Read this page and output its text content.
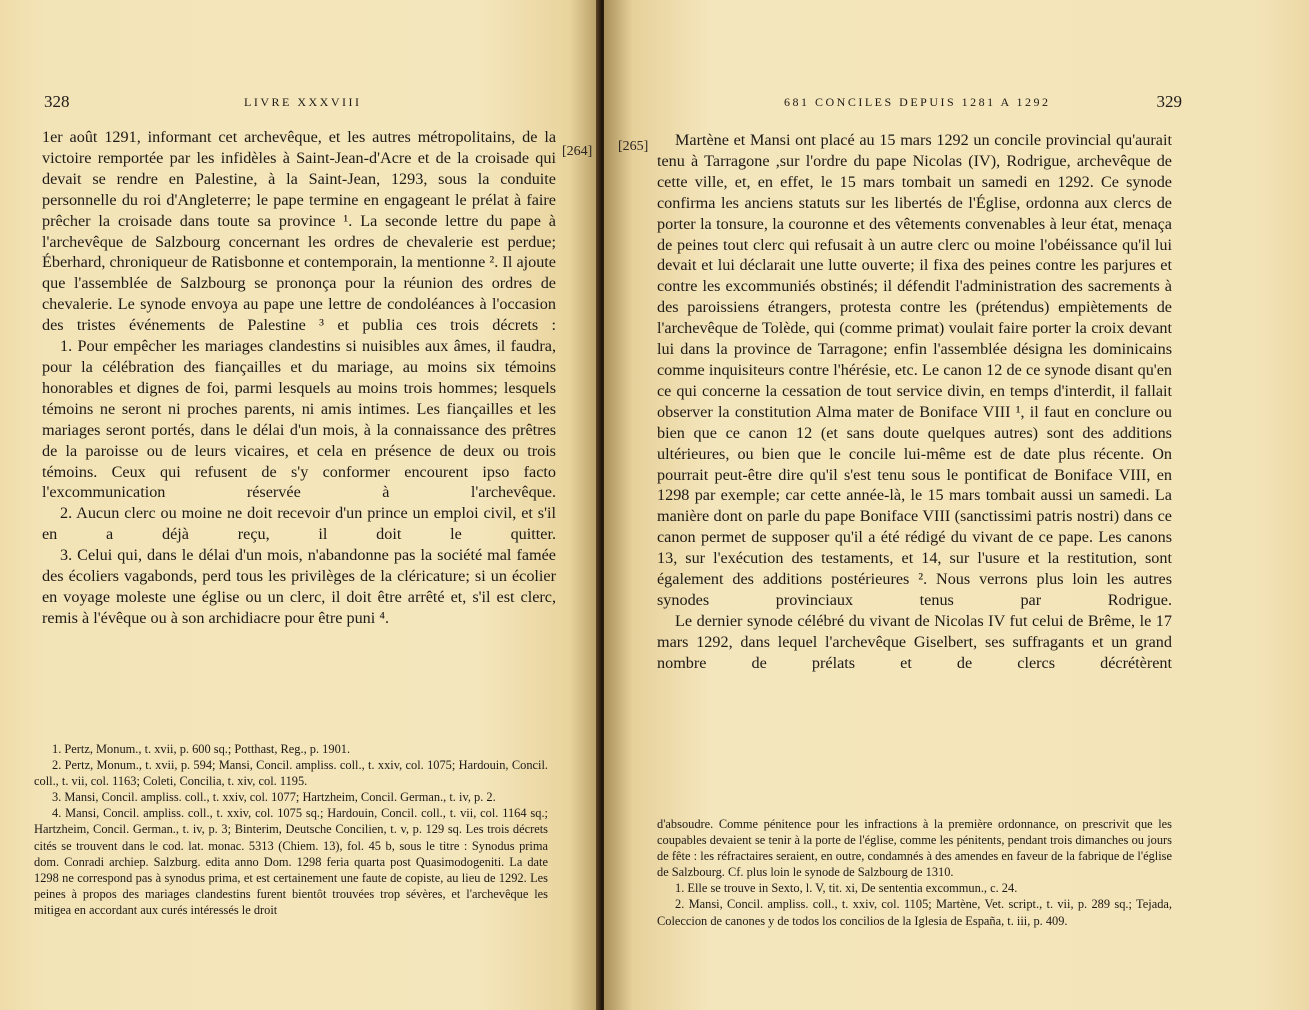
328	LIVRE XXXVIII
[264]

1er août 1291, informant cet archevêque, et les autres métropolitains, de la victoire remportée par les infidèles à Saint-Jean-d'Acre et de la croisade qui devait se rendre en Palestine, à la Saint-Jean, 1293, sous la conduite personnelle du roi d'Angleterre; le pape termine en engageant le prélat à faire prêcher la croisade dans toute sa province ¹. La seconde lettre du pape à l'archevêque de Salzbourg concernant les ordres de chevalerie est perdue; Éberhard, chroniqueur de Ratisbonne et contemporain, la mentionne ². Il ajoute que l'assemblée de Salzbourg se prononça pour la réunion des ordres de chevalerie. Le synode envoya au pape une lettre de condoléances à l'occasion des tristes événements de Palestine ³ et publia ces trois décrets :

1. Pour empêcher les mariages clandestins si nuisibles aux âmes, il faudra, pour la célébration des fiançailles et du mariage, au moins six témoins honorables et dignes de foi, parmi lesquels au moins trois hommes; lesquels témoins ne seront ni proches parents, ni amis intimes. Les fiançailles et les mariages seront portés, dans le délai d'un mois, à la connaissance des prêtres de la paroisse ou de leurs vicaires, et cela en présence de deux ou trois témoins. Ceux qui refusent de s'y conformer encourent ipso facto l'excommunication réservée à l'archevêque.

2. Aucun clerc ou moine ne doit recevoir d'un prince un emploi civil, et s'il en a déjà reçu, il doit le quitter.

3. Celui qui, dans le délai d'un mois, n'abandonne pas la société mal famée des écoliers vagabonds, perd tous les privilèges de la cléricature; si un écolier en voyage moleste une église ou un clerc, il doit être arrêté et, s'il est clerc, remis à l'évêque ou à son archidiacre pour être puni ⁴.

1. Pertz, Monum., t. xvii, p. 600 sq.; Potthast, Reg., p. 1901.

2. Pertz, Monum., t. xvii, p. 594; Mansi, Concil. ampliss. coll., t. xxiv, col. 1075; Hardouin, Concil. coll., t. vii, col. 1163; Coleti, Concilia, t. xiv, col. 1195.

3. Mansi, Concil. ampliss. coll., t. xxiv, col. 1077; Hartzheim, Concil. German., t. iv, p. 2.

4. Mansi, Concil. ampliss. coll., t. xxiv, col. 1075 sq.; Hardouin, Concil. coll., t. vii, col. 1164 sq.; Hartzheim, Concil. German., t. iv, p. 3; Binterim, Deutsche Concilien, t. v, p. 129 sq. Les trois décrets cités se trouvent dans le cod. lat. monac. 5313 (Chiem. 13), fol. 45 b, sous le titre : Synodus prima dom. Conradi archiep. Salzburg. edita anno Dom. 1298 feria quarta post Quasimodogeniti. La date 1298 ne correspond pas à synodus prima, et est certainement une faute de copiste, au lieu de 1292. Les peines à propos des mariages clandestins furent bientôt trouvées trop sévères, et l'archevêque les mitigea en accordant aux curés intéressés le droit

681 CONCILES DEPUIS 1281 A 1292	329
[265]	Martène et Mansi ont placé au 15 mars 1292 un concile provincial qu'aurait tenu à Tarragone ,sur l'ordre du pape Nicolas (IV), Rodrigue, archevêque de cette ville, et, en effet, le 15 mars tombait un samedi en 1292. Ce synode confirma les anciens statuts sur les libertés de l'Église, ordonna aux clercs de porter la tonsure, la couronne et des vêtements convenables à leur état, menaça de peines tout clerc qui refusait à un autre clerc ou moine l'obéissance qu'il lui devait et lui déclarait une lutte ouverte; il fixa des peines contre les parjures et contre les excommuniés obstinés; il défendit l'administration des sacrements à des paroissiens étrangers, protesta contre les (prétendus) empiètements de l'archevêque de Tolède, qui (comme primat) voulait faire porter la croix devant lui dans la province de Tarragone; enfin l'assemblée désigna les dominicains comme inquisiteurs contre l'hérésie, etc. Le canon 12 de ce synode disant qu'en ce qui concerne la cessation de tout service divin, en temps d'interdit, il fallait observer la constitution Alma mater de Boniface VIII ¹, il faut en conclure ou bien que ce canon 12 (et sans doute quelques autres) sont des additions ultérieures, ou bien que le concile lui-même est de date plus récente. On pourrait peut-être dire qu'il s'est tenu sous le pontificat de Boniface VIII, en 1298 par exemple; car cette année-là, le 15 mars tombait aussi un samedi. La manière dont on parle du pape Boniface VIII (sanctissimi patris nostri) dans ce canon permet de supposer qu'il a été rédigé du vivant de ce pape. Les canons 13, sur l'exécution des testaments, et 14, sur l'usure et la restitution, sont également des additions postérieures ². Nous verrons plus loin les autres synodes provinciaux tenus par Rodrigue.

Le dernier synode célébré du vivant de Nicolas IV fut celui de Brême, le 17 mars 1292, dans lequel l'archevêque Giselbert, ses suffragants et un grand nombre de prélats et de clercs décrétèrent

d'absoudre. Comme pénitence pour les infractions à la première ordonnance, on prescrivit que les coupables devaient se tenir à la porte de l'église, comme les pénitents, pendant trois dimanches ou jours de fête : les réfractaires seraient, en outre, condamnés à des amendes en faveur de la fabrique de l'église de Salzbourg. Cf. plus loin le synode de Salzbourg de 1310.

1. Elle se trouve in Sexto, l. V, tit. xi, De sententia excommun., c. 24.

2. Mansi, Concil. ampliss. coll., t. xxiv, col. 1105; Martène, Vet. script., t. vii, p. 289 sq.; Tejada, Coleccion de canones y de todos los concilios de la Iglesia de España, t. iii, p. 409.
